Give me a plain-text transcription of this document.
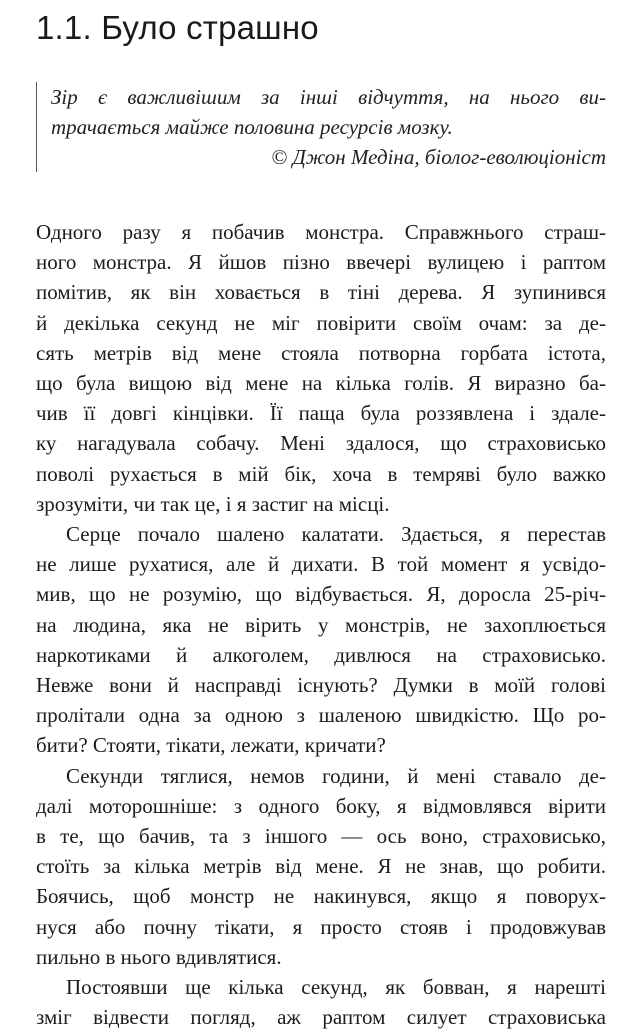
1.1. Було страшно
Зір є важливішим за інші відчуття, на нього ви-
трачається майже половина ресурсів мозку.
© Джон Медіна, біолог-еволюціоніст

Одного разу я побачив монстра. Справжнього страш-
ного монстра. Я йшов пізно ввечері вулицею і раптом
помітив, як він ховається в тіні дерева. Я зупинився
й декілька секунд не міг повірити своїм очам: за де-
сять метрів від мене стояла потворна горбата істота,
що була вищою від мене на кілька голів. Я виразно ба-
чив її довгі кінцівки. Її паща була роззявлена і здале-
ку нагадувала собачу. Мені здалося, що страховисько
поволі рухається в мій бік, хоча в темряві було важко
зрозуміти, чи так це, і я застиг на місці.

Серце почало шалено калатати. Здається, я перестав
не лише рухатися, але й дихати. В той момент я усвідо-
мив, що не розумію, що відбувається. Я, доросла 25-річ-
на людина, яка не вірить у монстрів, не захоплюється
наркотиками й алкоголем, дивлюся на страховисько.
Невже вони й насправді існують? Думки в моїй голові
пролітали одна за одною з шаленою швидкістю. Що ро-
бити? Стояти, тікати, лежати, кричати?

Секунди тяглися, немов години, й мені ставало де-
далі моторошніше: з одного боку, я відмовлявся вірити
в те, що бачив, та з іншого — ось воно, страховисько,
стоїть за кілька метрів від мене. Я не знав, що робити.
Боячись, щоб монстр не накинувся, якщо я поворух-
нуся або почну тікати, я просто стояв і продовжував
пильно в нього вдивлятися.

Постоявши ще кілька секунд, як бовван, я нарешті
зміг відвести погляд, аж раптом силует страховиська
